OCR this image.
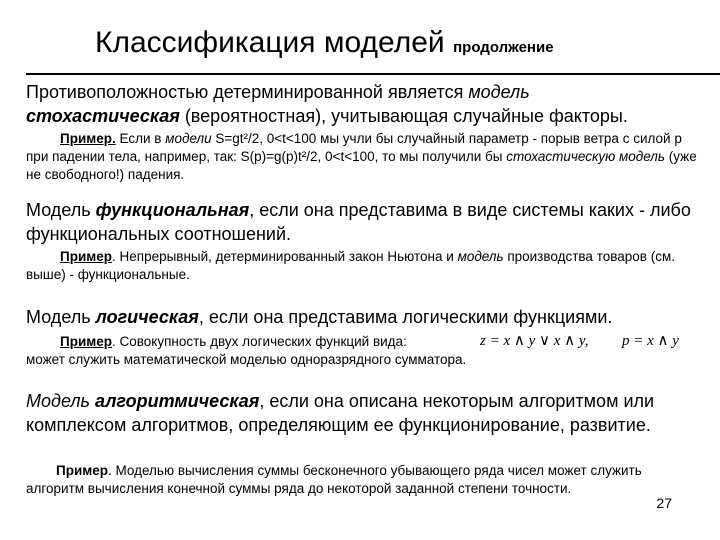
Классификация моделей продолжение
Противоположностью детерминированной является модель
стохастическая (вероятностная), учитывающая случайные факторы.
Пример. Если в модели S=gt²/2, 0<t<100 мы учли бы случайный параметр - порыв ветра с силой p при падении тела, например, так: S(p)=g(p)t²/2, 0<t<100, то мы получили бы стохастическую модель (уже не свободного!) падения.
Модель функциональная, если она представима в виде системы каких - либо функциональных соотношений.
Пример. Непрерывный, детерминированный закон Ньютона и модель производства товаров (см. выше) - функциональные.
Модель логическая, если она представима логическими функциями.
Пример. Совокупность двух логических функций вида:
может служить математической моделью одноразрядного сумматора.
z = x ∧ y ∨ x ∧ y, p = x ∧ y
Модель алгоритмическая, если она описана некоторым алгоритмом или комплексом алгоритмов, определяющим ее функционирование, развитие.
Пример. Моделью вычисления суммы бесконечного убывающего ряда чисел может служить алгоритм вычисления конечной суммы ряда до некоторой заданной степени точности.
27
